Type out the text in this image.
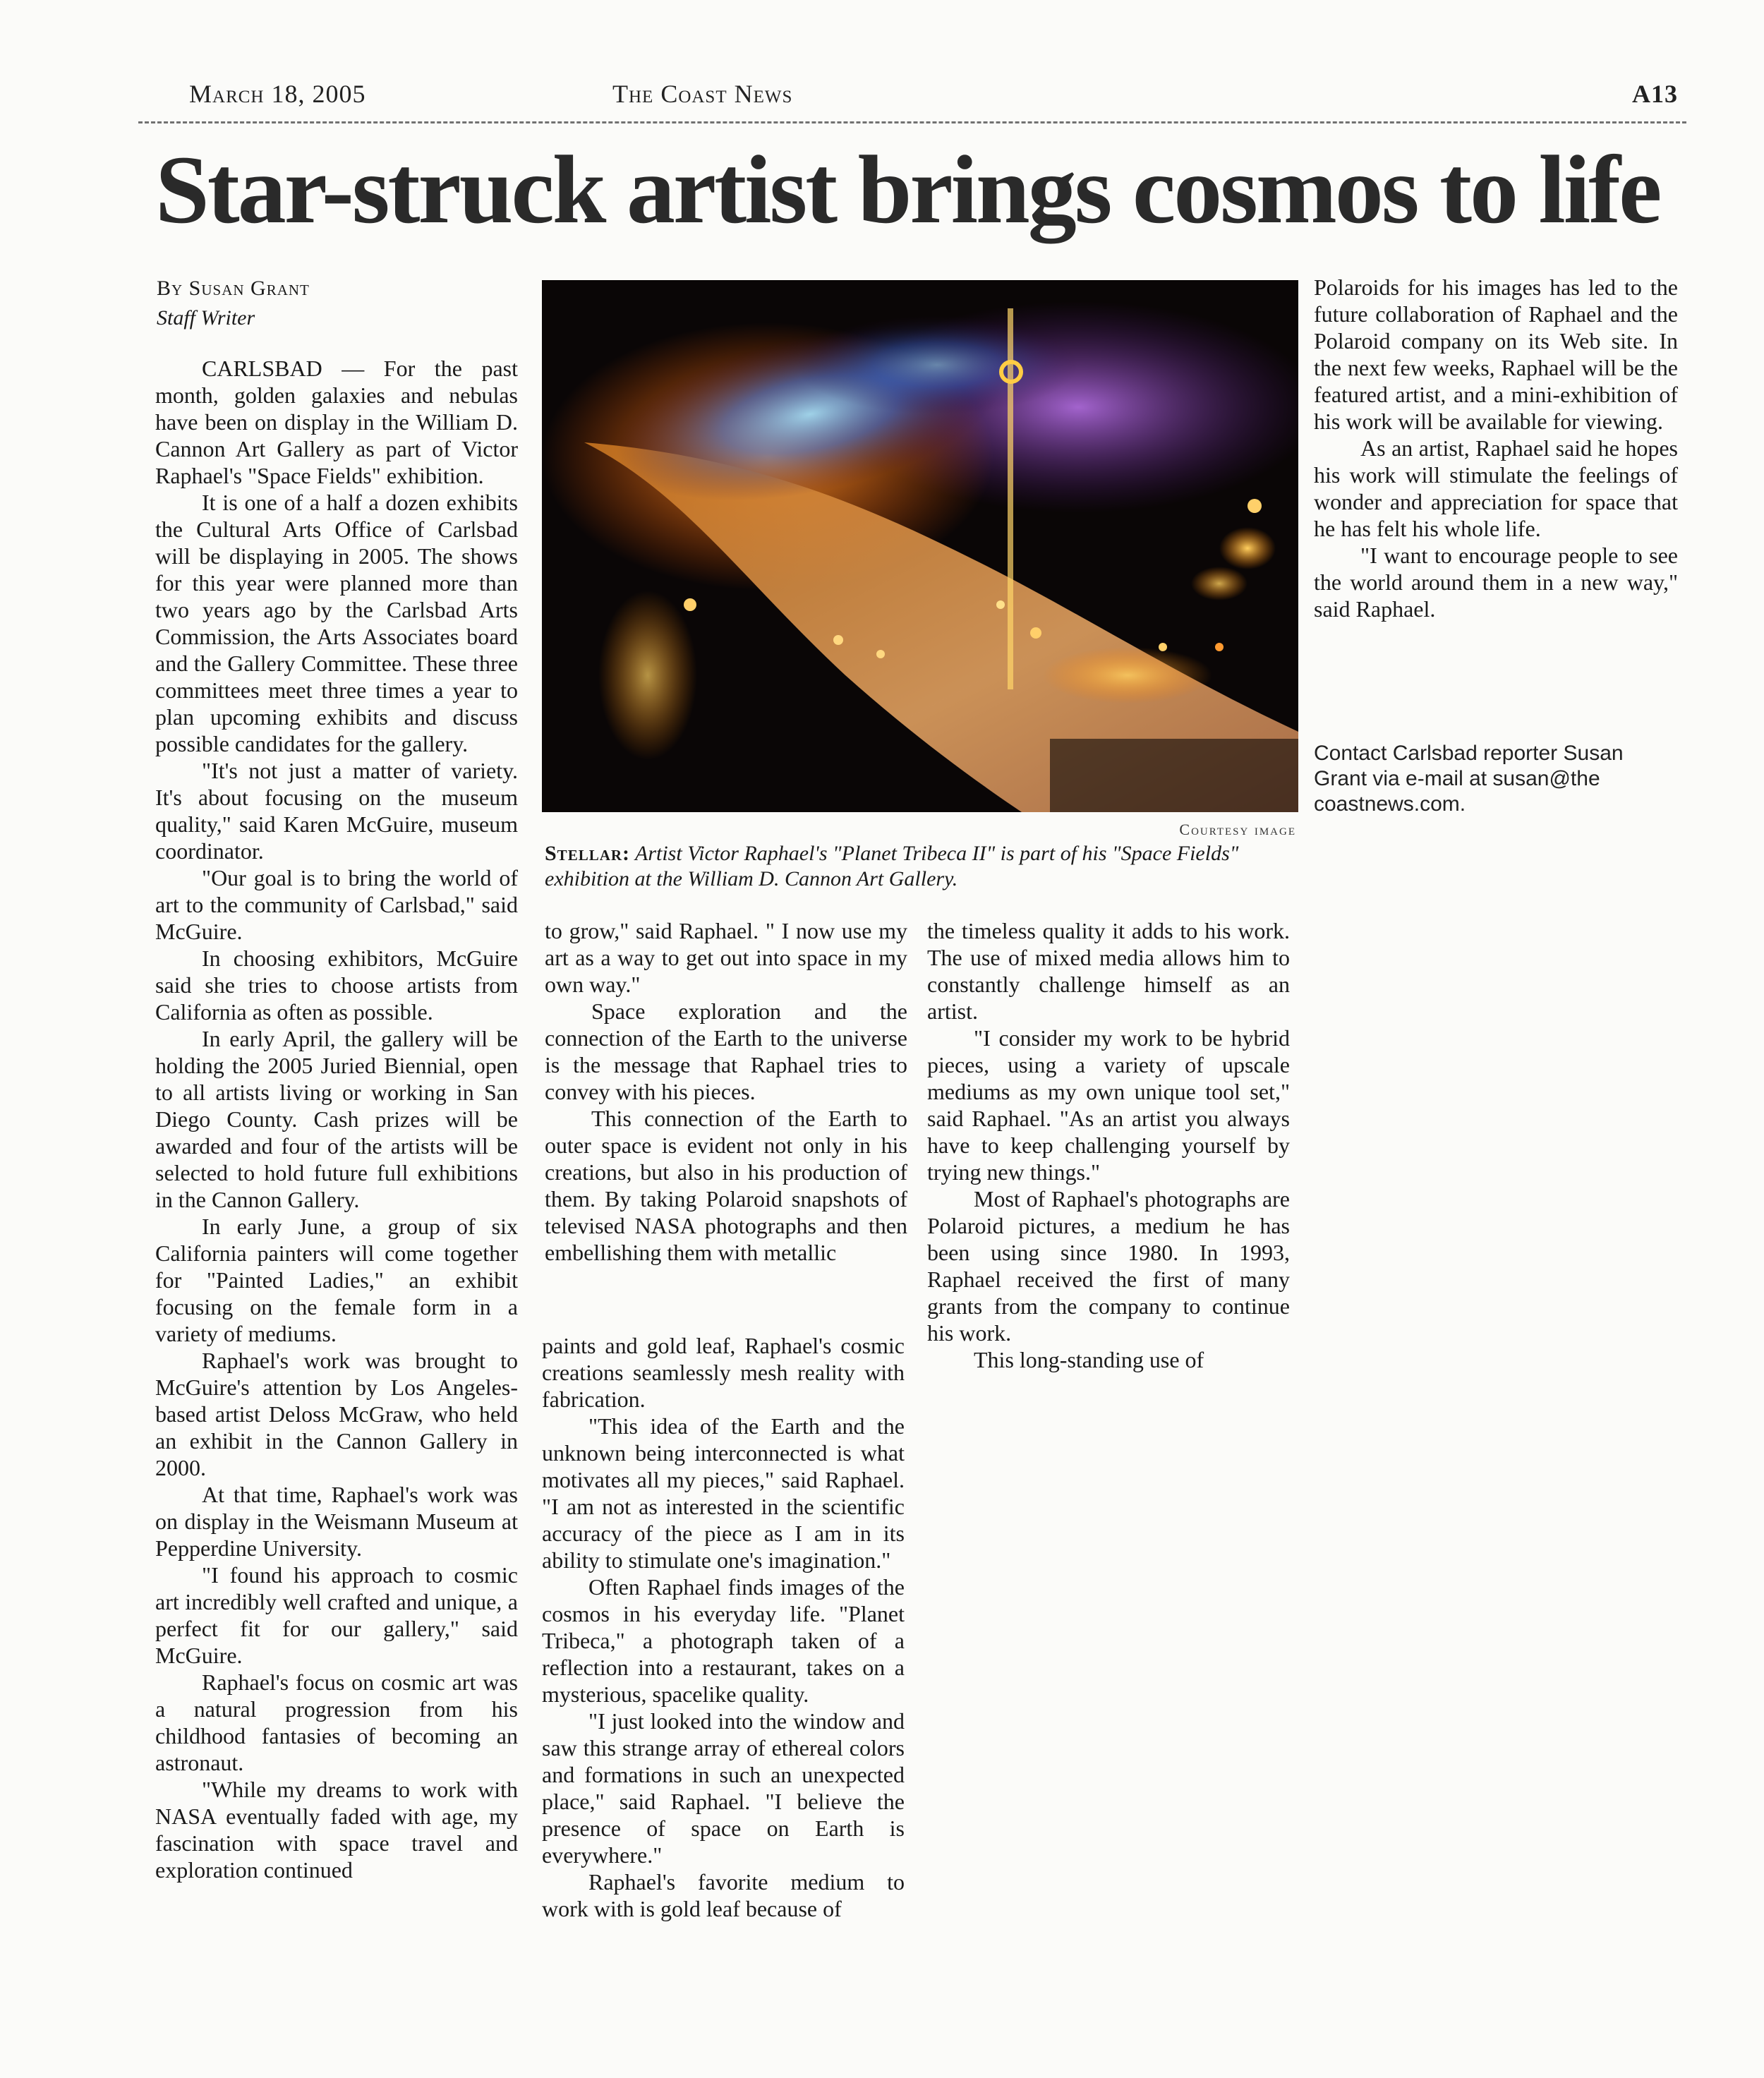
March 18, 2005	The Coast News	A13
Star-struck artist brings cosmos to life
By Susan Grant
Staff Writer

CARLSBAD — For the past month, golden galaxies and nebulas have been on display in the William D. Cannon Art Gallery as part of Victor Raphael's "Space Fields" exhibition.

It is one of a half a dozen exhibits the Cultural Arts Office of Carlsbad will be displaying in 2005. The shows for this year were planned more than two years ago by the Carlsbad Arts Commission, the Arts Associates board and the Gallery Committee. These three committees meet three times a year to plan upcoming exhibits and discuss possible candidates for the gallery.

"It's not just a matter of variety. It's about focusing on the museum quality," said Karen McGuire, museum coordinator.

"Our goal is to bring the world of art to the community of Carlsbad," said McGuire.

In choosing exhibitors, McGuire said she tries to choose artists from California as often as possible.

In early April, the gallery will be holding the 2005 Juried Biennial, open to all artists living or working in San Diego County. Cash prizes will be awarded and four of the artists will be selected to hold future full exhibitions in the Cannon Gallery.

In early June, a group of six California painters will come together for "Painted Ladies," an exhibit focusing on the female form in a variety of mediums.

Raphael's work was brought to McGuire's attention by Los Angeles-based artist Deloss McGraw, who held an exhibit in the Cannon Gallery in 2000.

At that time, Raphael's work was on display in the Weismann Museum at Pepperdine University.

"I found his approach to cosmic art incredibly well crafted and unique, a perfect fit for our gallery," said McGuire.

Raphael's focus on cosmic art was a natural progression from his childhood fantasies of becoming an astronaut.

"While my dreams to work with NASA eventually faded with age, my fascination with space travel and exploration continued

Courtesy image
Stellar: Artist Victor Raphael's "Planet Tribeca II" is part of his "Space Fields" exhibition at the William D. Cannon Art Gallery.

to grow," said Raphael. " I now use my art as a way to get out into space in my own way."

Space exploration and the connection of the Earth to the universe is the message that Raphael tries to convey with his pieces.

This connection of the Earth to outer space is evident not only in his creations, but also in his production of them. By taking Polaroid snapshots of televised NASA photographs and then embellishing them with metallic

paints and gold leaf, Raphael's cosmic creations seamlessly mesh reality with fabrication.

"This idea of the Earth and the unknown being interconnected is what motivates all my pieces," said Raphael. "I am not as interested in the scientific accuracy of the piece as I am in its ability to stimulate one's imagination."

Often Raphael finds images of the cosmos in his everyday life. "Planet Tribeca," a photograph taken of a reflection into a restaurant, takes on a mysterious, spacelike quality.

"I just looked into the window and saw this strange array of ethereal colors and formations in such an unexpected place," said Raphael. "I believe the presence of space on Earth is everywhere."

Raphael's favorite medium to work with is gold leaf because of

the timeless quality it adds to his work. The use of mixed media allows him to constantly challenge himself as an artist.

"I consider my work to be hybrid pieces, using a variety of upscale mediums as my own unique tool set," said Raphael. "As an artist you always have to keep challenging yourself by trying new things."

Most of Raphael's photographs are Polaroid pictures, a medium he has been using since 1980. In 1993, Raphael received the first of many grants from the company to continue his work.

This long-standing use of

Polaroids for his images has led to the future collaboration of Raphael and the Polaroid company on its Web site. In the next few weeks, Raphael will be the featured artist, and a mini-exhibition of his work will be available for viewing.

As an artist, Raphael said he hopes his work will stimulate the feelings of wonder and appreciation for space that he has felt his whole life.

"I want to encourage people to see the world around them in a new way," said Raphael.

Contact Carlsbad reporter Susan Grant via e-mail at susan@the coastnews.com.
